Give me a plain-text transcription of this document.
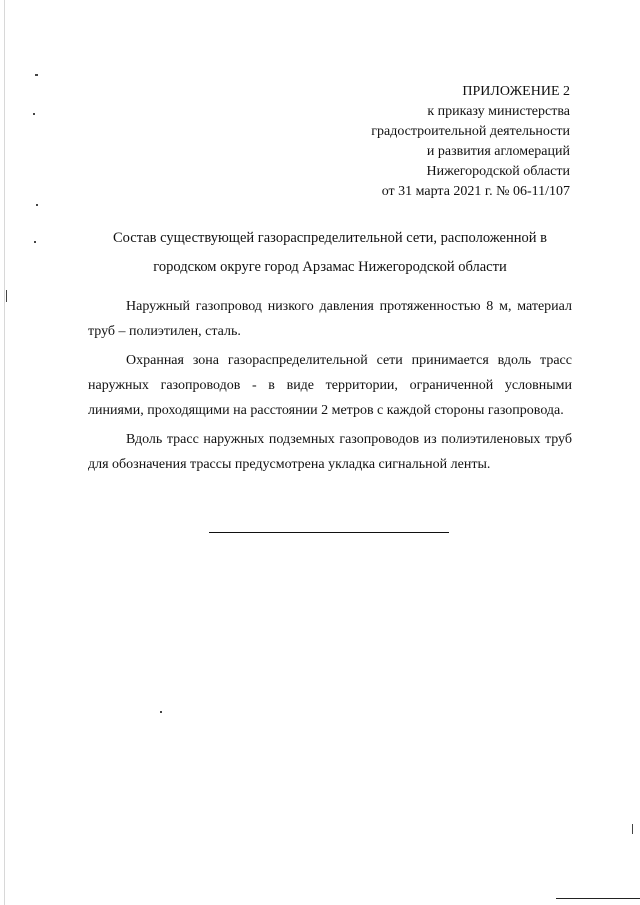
ПРИЛОЖЕНИЕ 2
к приказу министерства
градостроительной деятельности
и развития агломераций
Нижегородской области
от 31 марта 2021 г. № 06-11/107
Состав существующей газораспределительной сети, расположенной в
городском округе город Арзамас Нижегородской области

Наружный газопровод низкого давления протяженностью 8 м, материал труб – полиэтилен, сталь.

Охранная зона газораспределительной сети принимается вдоль трасс наружных газопроводов - в виде территории, ограниченной условными линиями, проходящими на расстоянии 2 метров с каждой стороны газопровода.

Вдоль трасс наружных подземных газопроводов из полиэтиленовых труб для обозначения трассы предусмотрена укладка сигнальной ленты.
